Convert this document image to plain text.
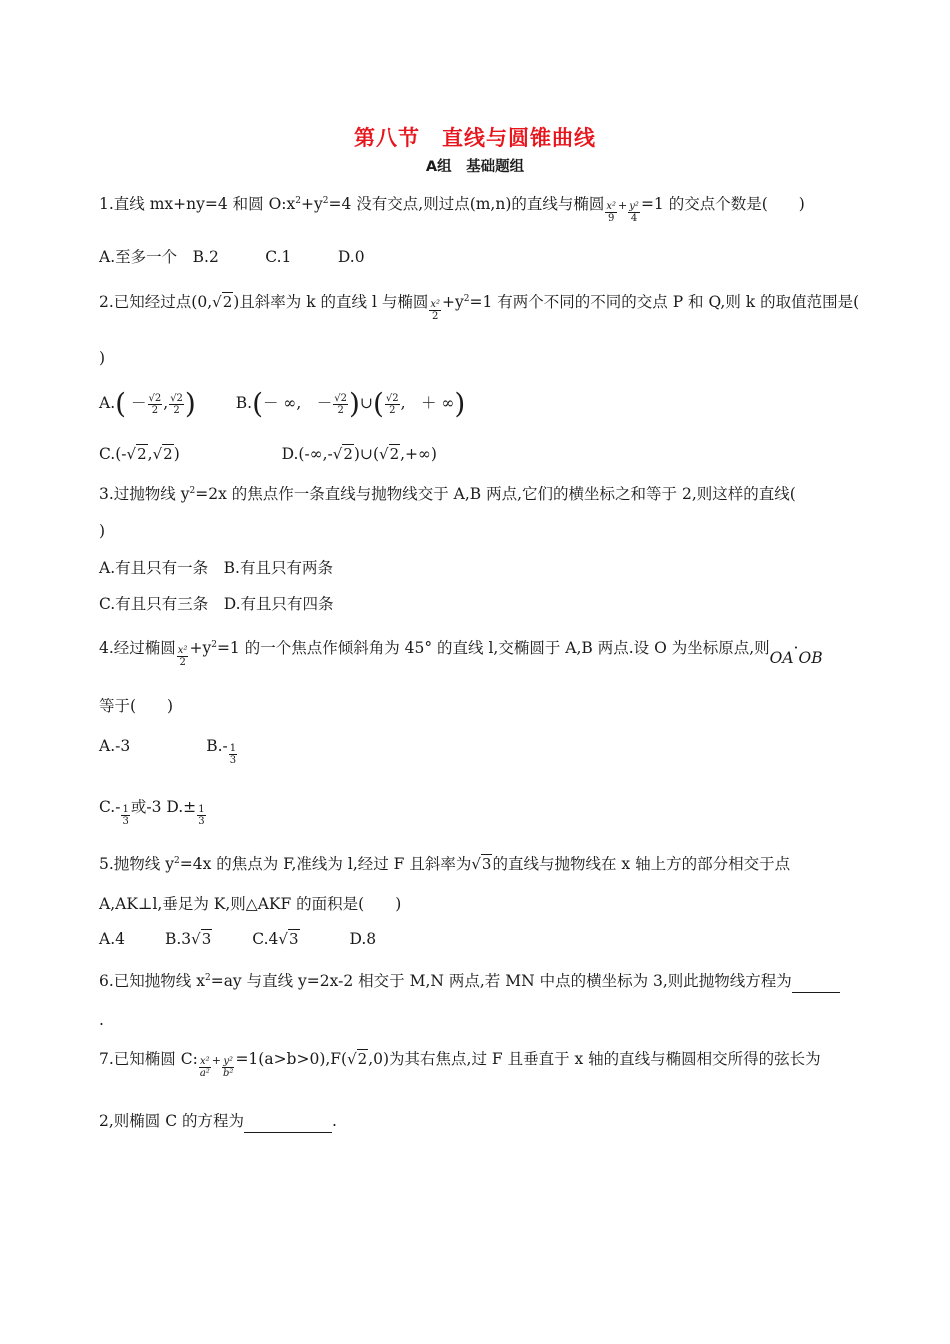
第八节　直线与圆锥曲线
A组　基础题组
1.直线 mx+ny=4 和圆 $O:x^2+y^2=4$ 没有交点,则过点(m,n)的直线与椭圆 $\frac{\text{x²}}{9} + \frac{\text{y²}}{4} =1$ 的交点个数是(　　)
A.至多一个　B.2　　　C.1　　　D.0
2.已知经过点(0,√2)且斜率为 k 的直线 l 与椭圆 $\frac{\text{x²}}{2} +y^2=1$ 有两个不同的不同的交点 P 和 Q,则 k 的取值范围是(
)
$A.( - \frac{√2}{2}$ , $\frac{√2}{2}$ )	B.(－ ∞,　－ $\frac{√2}{2}$ )∪( $\frac{√2}{2}$ ,　＋ ∞)
C.(-√2,√2)	D.(-∞,-√2)∪(√2,+∞)
3.过抛物线 $y^2=2x$ 的焦点作一条直线与抛物线交于 A,B 两点,它们的横坐标之和等于 2,则这样的直线(
)
A.有且只有一条　B.有且只有两条
C.有且只有三条　D.有且只有四条
4.经过椭圆 $\frac{\text{x²}}{2} +y^2=1$ 的一个焦点作倾斜角为 45° 的直线 l,交椭圆于 A,B 两点.设 O 为坐标原点,则OA·OB
等于(　　)
A.-3	$B.- \frac{1}{3}$
$C.- \frac{1}{3}$ 或-3 $D.\pm \frac{1}{3}$
5.抛物线 $y^2=4x$ 的焦点为 F,准线为 l,经过 F 且斜率为√3的直线与抛物线在 x 轴上方的部分相交于点
A,AK⊥l,垂足为 K,则△AKF 的面积是(　　)
A.4	B.3√3	C.4√3	D.8
6.已知抛物线 $x^2=ay$ 与直线 y=2x-2 相交于 M,N 两点,若 MN 中点的横坐标为 3,则此抛物线方程为
.
7.已知椭圆 C: $\frac{\text{x²}}{\text{a²}} + \frac{\text{y²}}{\text{b²}} =1(a>b>0),F(√2,0)$为其右焦点,过 F 且垂直于 x 轴的直线与椭圆相交所得的弦长为
2,则椭圆 C 的方程为	.
